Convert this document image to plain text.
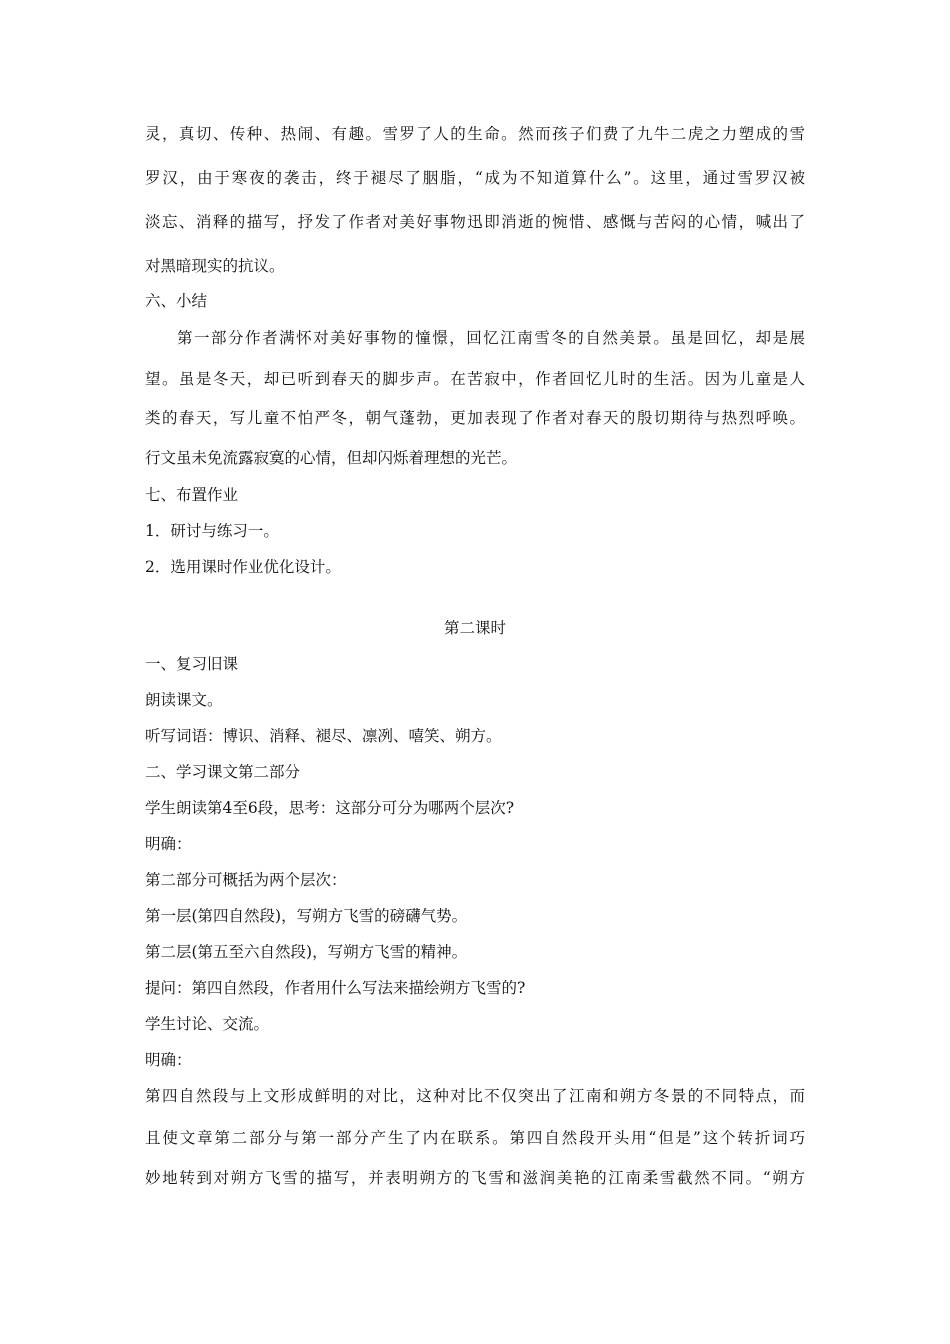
灵，真切、传种、热闹、有趣。雪罗了人的生命。然而孩子们费了九牛二虎之力塑成的雪
罗汉，由于寒夜的袭击，终于褪尽了胭脂，“成为不知道算什么”。这里，通过雪罗汉被
淡忘、消释的描写，抒发了作者对美好事物迅即消逝的惋惜、感慨与苦闷的心情，喊出了
对黑暗现实的抗议。
六、小结
第一部分作者满怀对美好事物的憧憬，回忆江南雪冬的自然美景。虽是回忆，却是展
望。虽是冬天，却已听到春天的脚步声。在苦寂中，作者回忆儿时的生活。因为儿童是人
类的春天，写儿童不怕严冬，朝气蓬勃，更加表现了作者对春天的殷切期待与热烈呼唤。
行文虽未免流露寂寞的心情，但却闪烁着理想的光芒。
七、布置作业
1．研讨与练习一。
2．选用课时作业优化设计。
第二课时
一、复习旧课
朗读课文。
听写词语：博识、消释、褪尽、凛冽、嘻笑、朔方。
二、学习课文第二部分
学生朗读第4至6段，思考：这部分可分为哪两个层次?
明确：
第二部分可概括为两个层次：
第一层(第四自然段)，写朔方飞雪的磅礴气势。
第二层(第五至六自然段)，写朔方飞雪的精神。
提问：第四自然段，作者用什么写法来描绘朔方飞雪的?
学生讨论、交流。
明确：
第四自然段与上文形成鲜明的对比，这种对比不仅突出了江南和朔方冬景的不同特点，而
且使文章第二部分与第一部分产生了内在联系。第四自然段开头用“但是”这个转折词巧
妙地转到对朔方飞雪的描写，并表明朔方的飞雪和滋润美艳的江南柔雪截然不同。“朔方
